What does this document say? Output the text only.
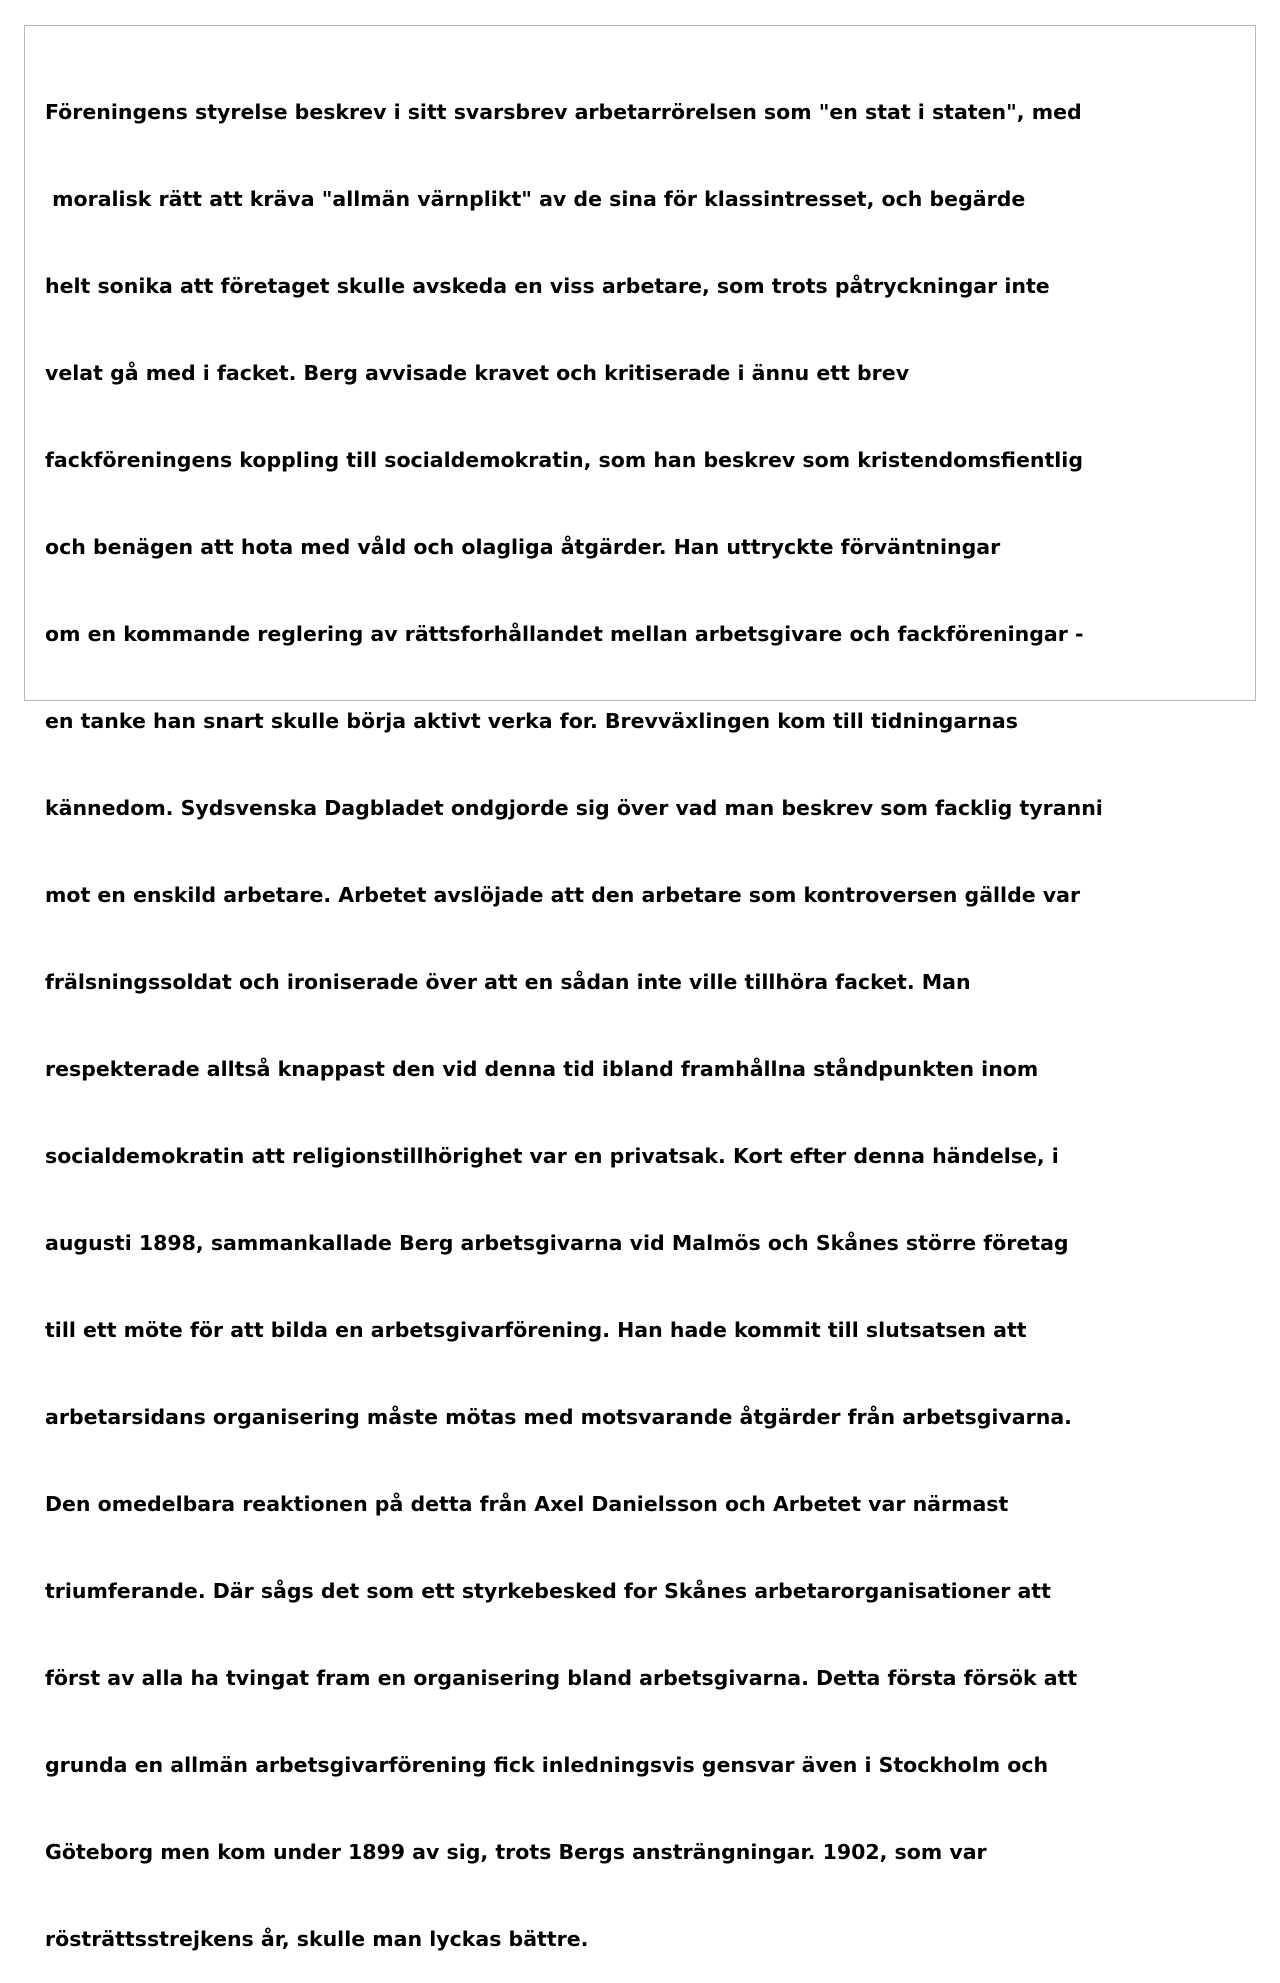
Föreningens styrelse beskrev i sitt svarsbrev arbetarrörelsen som "en stat i staten", med

moralisk rätt att kräva "allmän värnplikt" av de sina för klassintresset, och begärde

helt sonika att företaget skulle avskeda en viss arbetare, som trots påtryckningar inte

velat gå med i facket. Berg avvisade kravet och kritiserade i ännu ett brev

fackföreningens koppling till socialdemokratin, som han beskrev som kristendomsfientlig

och benägen att hota med våld och olagliga åtgärder. Han uttryckte förväntningar

om en kommande reglering av rättsforhållandet mellan arbetsgivare och fackföreningar -

en tanke han snart skulle börja aktivt verka for. Brevväxlingen kom till tidningarnas

kännedom. Sydsvenska Dagbladet ondgjorde sig över vad man beskrev som facklig tyranni

mot en enskild arbetare. Arbetet avslöjade att den arbetare som kontroversen gällde var

frälsningssoldat och ironiserade över att en sådan inte ville tillhöra facket. Man

respekterade alltså knappast den vid denna tid ibland framhållna ståndpunkten inom

socialdemokratin att religionstillhörighet var en privatsak. Kort efter denna händelse, i

augusti 1898, sammankallade Berg arbetsgivarna vid Malmös och Skånes större företag

till ett möte för att bilda en arbetsgivarförening. Han hade kommit till slutsatsen att

arbetarsidans organisering måste mötas med motsvarande åtgärder från arbetsgivarna.

Den omedelbara reaktionen på detta från Axel Danielsson och Arbetet var närmast

triumferande. Där sågs det som ett styrkebesked for Skånes arbetarorganisationer att

först av alla ha tvingat fram en organisering bland arbetsgivarna. Detta första försök att

grunda en allmän arbetsgivarförening fick inledningsvis gensvar även i Stockholm och

Göteborg men kom under 1899 av sig, trots Bergs ansträngningar. 1902, som var

rösträttsstrejkens år, skulle man lyckas bättre.
